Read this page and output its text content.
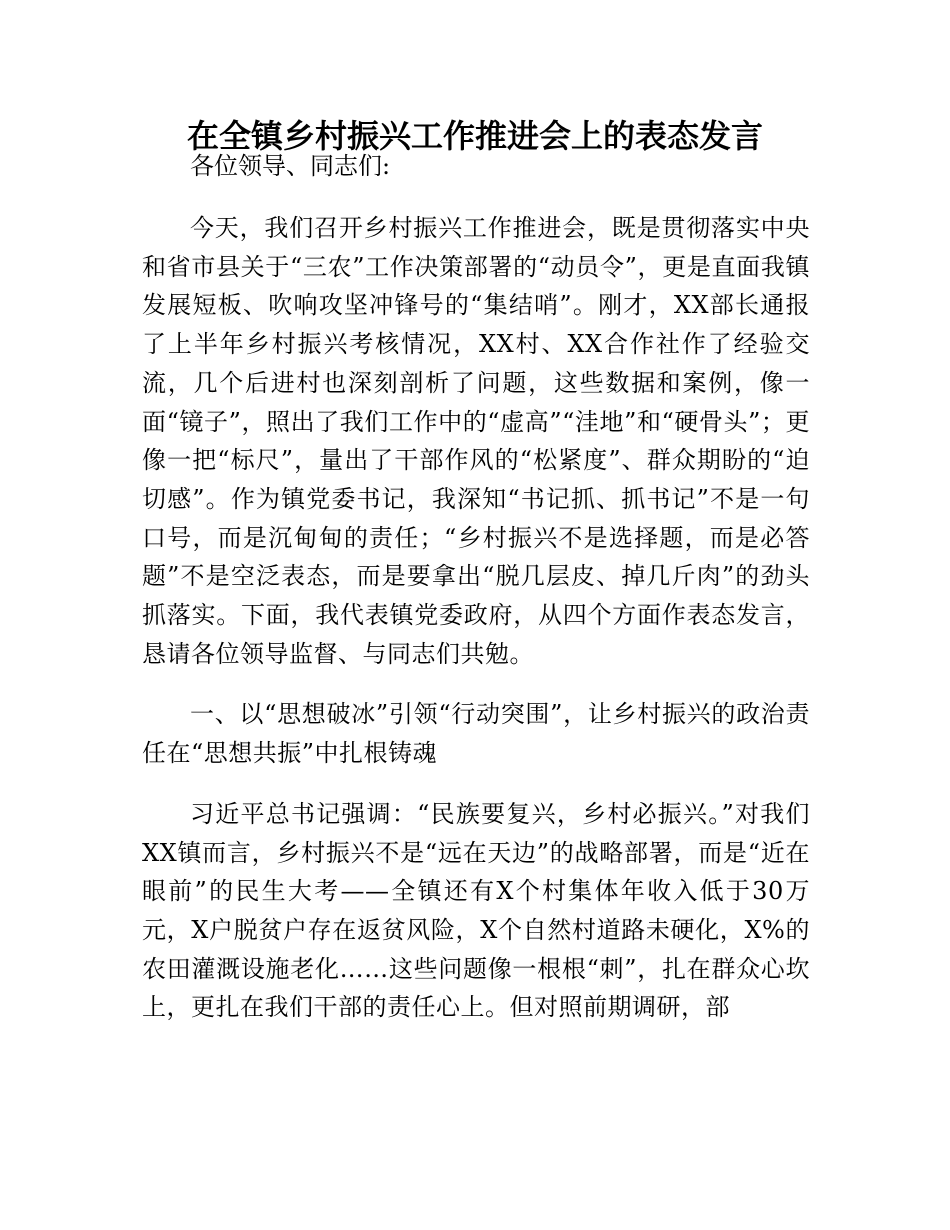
在全镇乡村振兴工作推进会上的表态发言

各位领导、同志们:

今天，我们召开乡村振兴工作推进会，既是贯彻落实中央和省市县关于“三农”工作决策部署的“动员令”，更是直面我镇发展短板、吹响攻坚冲锋号的“集结哨”。刚才，XX部长通报了上半年乡村振兴考核情况，XX村、XX合作社作了经验交流，几个后进村也深刻剖析了问题，这些数据和案例，像一面“镜子”，照出了我们工作中的“虚高”“洼地”和“硬骨头”；更像一把“标尺”，量出了干部作风的“松紧度”、群众期盼的“迫切感”。作为镇党委书记，我深知“书记抓、抓书记”不是一句口号，而是沉甸甸的责任；“乡村振兴不是选择题，而是必答题”不是空泛表态，而是要拿出“脱几层皮、掉几斤肉”的劲头抓落实。下面，我代表镇党委政府，从四个方面作表态发言，恳请各位领导监督、与同志们共勉。

一、以“思想破冰”引领“行动突围”，让乡村振兴的政治责任在“思想共振”中扎根铸魂

习近平总书记强调：“民族要复兴，乡村必振兴。”对我们XX镇而言，乡村振兴不是“远在天边”的战略部署，而是“近在眼前”的民生大考——全镇还有X个村集体年收入低于30万元，X户脱贫户存在返贫风险，X个自然村道路未硬化，X%的农田灌溉设施老化……这些问题像一根根“刺”，扎在群众心坎上，更扎在我们干部的责任心上。但对照前期调研，部
